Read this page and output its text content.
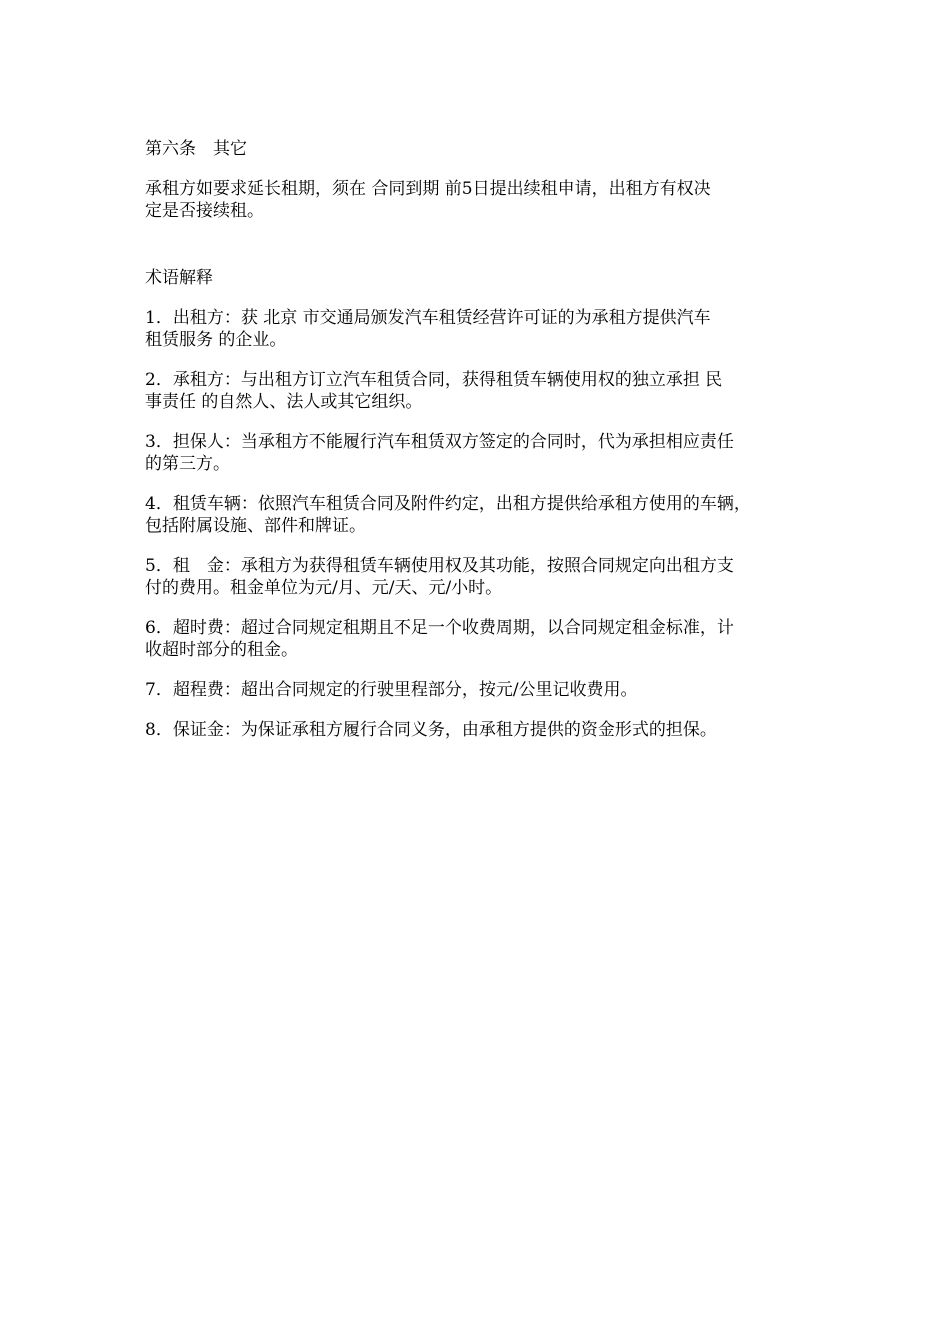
第六条　其它
承租方如要求延长租期，须在 合同到期 前5日提出续租申请，出租方有权决
定是否接续租。
术语解释
1．出租方：获 北京 市交通局颁发汽车租赁经营许可证的为承租方提供汽车
租赁服务 的企业。
2．承租方：与出租方订立汽车租赁合同，获得租赁车辆使用权的独立承担 民
事责任 的自然人、法人或其它组织。
3．担保人：当承租方不能履行汽车租赁双方签定的合同时，代为承担相应责任
的第三方。
4．租赁车辆：依照汽车租赁合同及附件约定，出租方提供给承租方使用的车辆，
包括附属设施、部件和牌证。
5．租　金：承租方为获得租赁车辆使用权及其功能，按照合同规定向出租方支
付的费用。租金单位为元/月、元/天、元/小时。
6．超时费：超过合同规定租期且不足一个收费周期，以合同规定租金标准，计
收超时部分的租金。
7．超程费：超出合同规定的行驶里程部分，按元/公里记收费用。
8．保证金：为保证承租方履行合同义务，由承租方提供的资金形式的担保。
